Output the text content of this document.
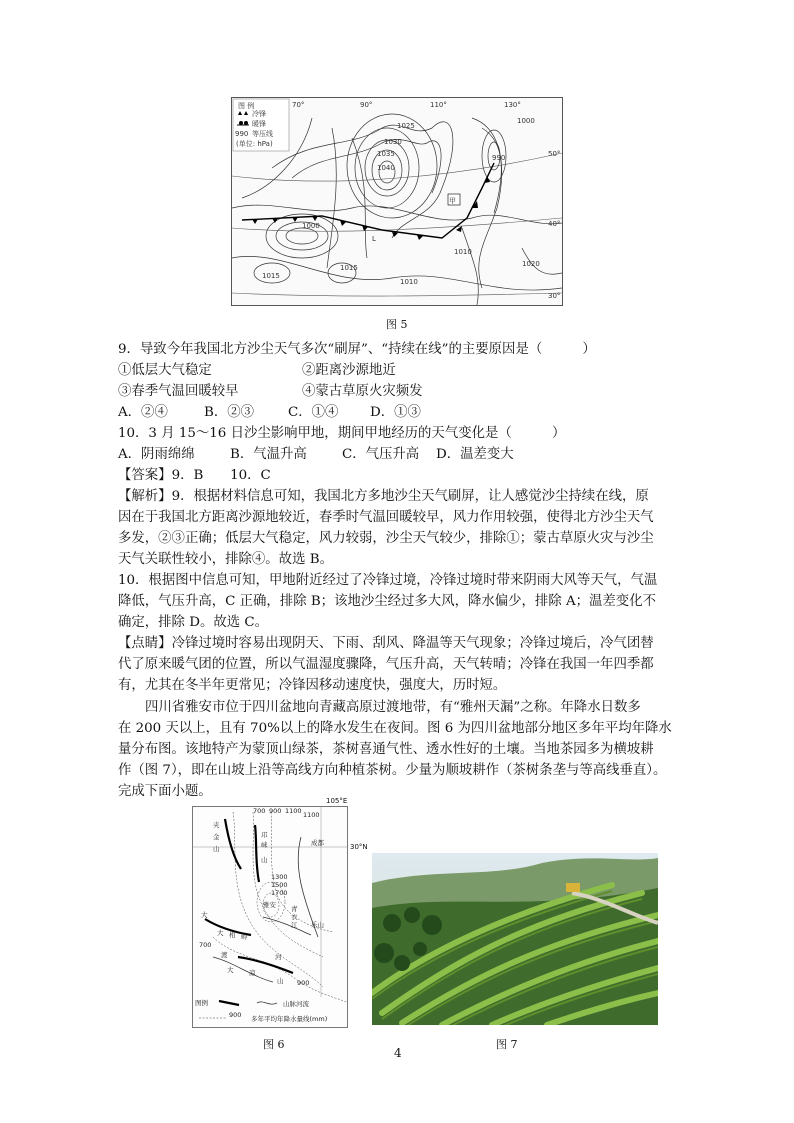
图 例
冷锋
暖锋
990 等压线
(单位: hPa)
70°	90°	110°	130°
50°
40°
30°
1000
1025
1030
1035
1040
990
1000
1010
1015
1015
1010
1020
甲
L
图 5
9．导致今年我国北方沙尘天气多次“刷屏”、“持续在线”的主要原因是（　　　）
①低层大气稳定	②距离沙源地近
③春季气温回暖较早	④蒙古草原火灾频发
A．②④	B．②③	C．①④ D．①③
10．3 月 15～16 日沙尘影响甲地，期间甲地经历的天气变化是（　　　）
A．阴雨绵绵	B．气温升高	C．气压升高 D．温差变大
【答案】9．B　　10．C
【解析】9．根据材料信息可知，我国北方多地沙尘天气刷屏，让人感觉沙尘持续在线，原
因在于我国北方距离沙源地较近，春季时气温回暖较早，风力作用较强，使得北方沙尘天气
多发，②③正确；低层大气稳定，风力较弱，沙尘天气较少，排除①；蒙古草原火灾与沙尘
天气关联性较小，排除④。故选 B。
10．根据图中信息可知，甲地附近经过了冷锋过境，冷锋过境时带来阴雨大风等天气，气温
降低，气压升高，C 正确，排除 B；该地沙尘经过多大风，降水偏少，排除 A；温差变化不
确定，排除 D。故选 C。
【点睛】冷锋过境时容易出现阴天、下雨、刮风、降温等天气现象；冷锋过境后，冷气团替
代了原来暖气团的位置，所以气温湿度骤降，气压升高，天气转晴；冷锋在我国一年四季都
有，尤其在冬半年更常见；冷锋因移动速度快，强度大，历时短。
四川省雅安市位于四川盆地向青藏高原过渡地带，有“雅州天漏”之称。年降水日数多
在 200 天以上，且有 70%以上的降水发生在夜间。图 6 为四川盆地部分地区多年平均年降水
量分布图。该地特产为蒙顶山绿茶，茶树喜通气性、透水性好的土壤。当地茶园多为横坡耕
作（图 7），即在山坡上沿等高线方向种植茶树。少量为顺坡耕作（茶树条垄与等高线垂直）。
完成下面小题。
700 900 1100 1100
1300
1500
1700
700
900
成都
雅安
乐山
夹
金
山
邛
崃
山
大
大 相 岭
渡	河
大 凉
山
青
衣
江
图例	山脉 河流
900 多年平均年降水量线(mm)
105°E
30°N
图 6	图 7
4
